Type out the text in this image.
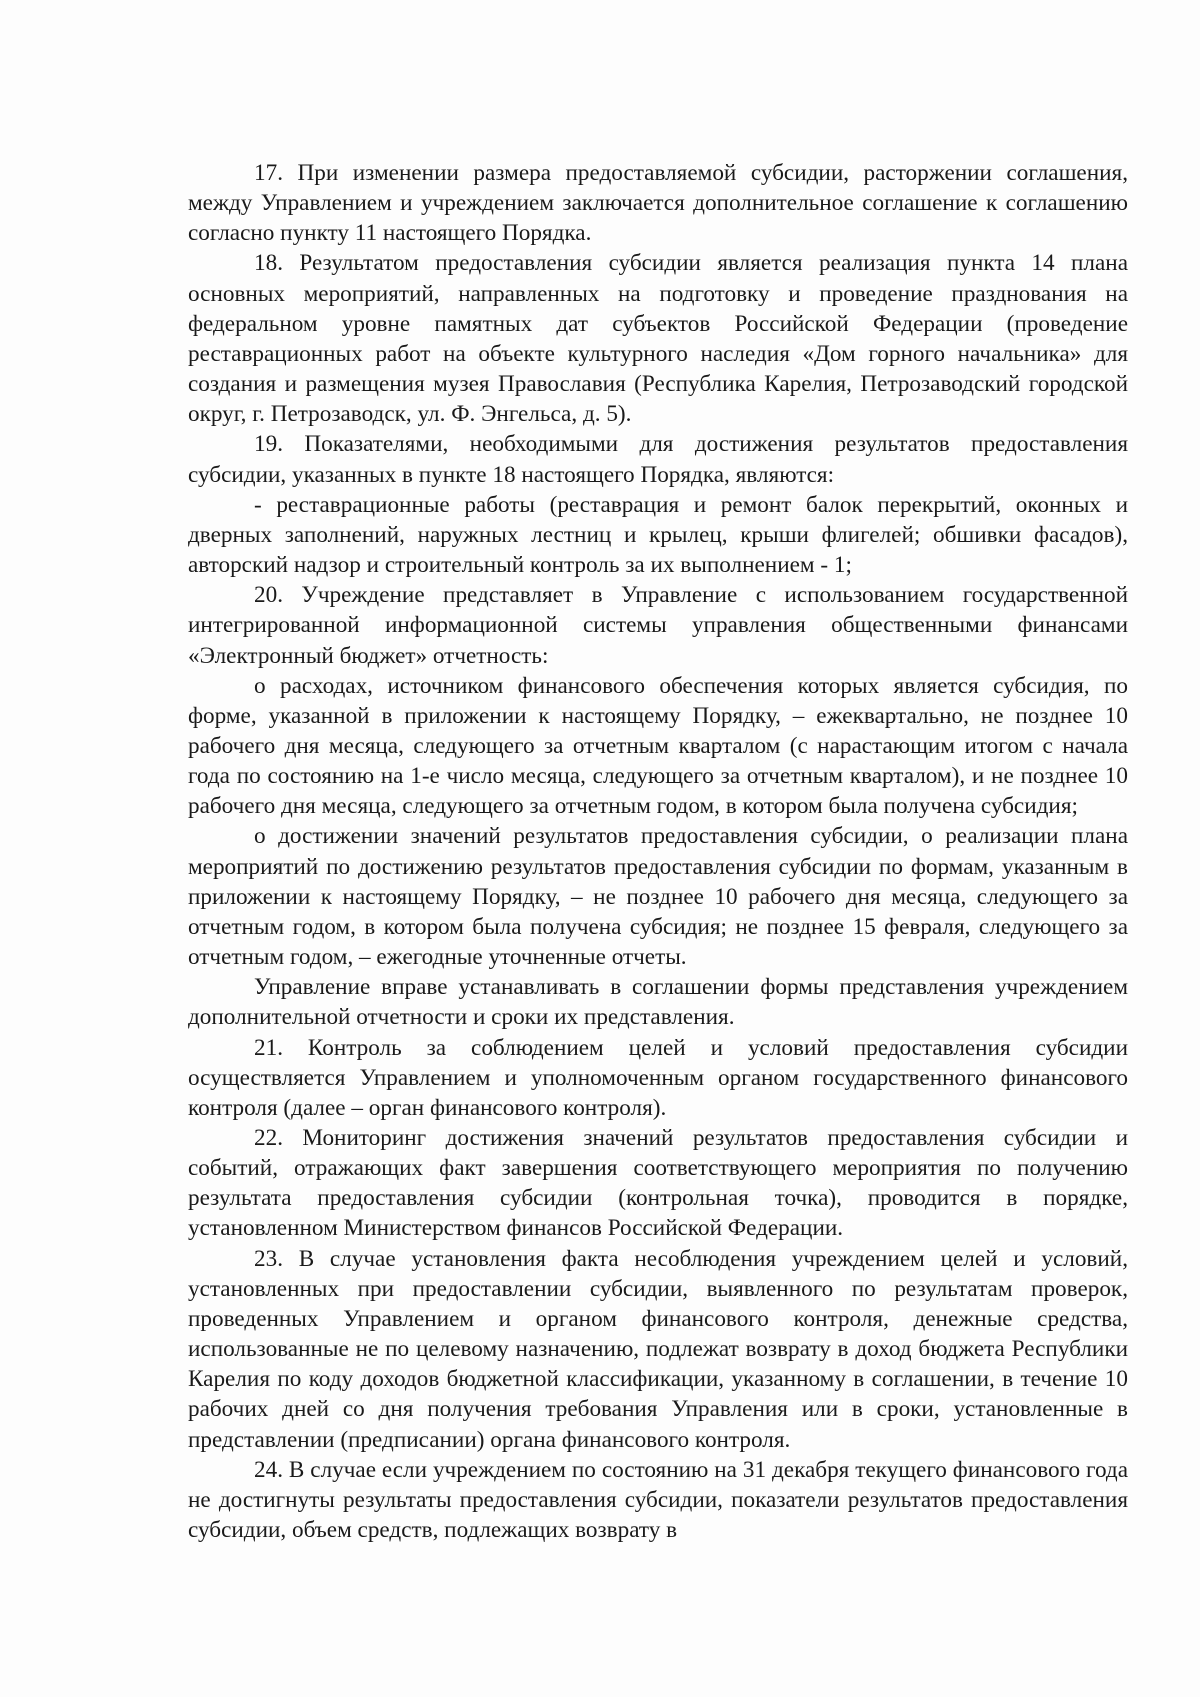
17. При изменении размера предоставляемой субсидии, расторжении соглашения, между Управлением и учреждением заключается дополнительное соглашение к соглашению согласно пункту 11 настоящего Порядка.

18. Результатом предоставления субсидии является реализация пункта 14 плана основных мероприятий, направленных на подготовку и проведение празднования на федеральном уровне памятных дат субъектов Российской Федерации (проведение реставрационных работ на объекте культурного наследия «Дом горного начальника» для создания и размещения музея Православия (Республика Карелия, Петрозаводский городской округ, г. Петрозаводск, ул. Ф. Энгельса, д. 5).

19. Показателями, необходимыми для достижения результатов предоставления субсидии, указанных в пункте 18 настоящего Порядка, являются:

- реставрационные работы (реставрация и ремонт балок перекрытий, оконных и дверных заполнений, наружных лестниц и крылец, крыши флигелей; обшивки фасадов), авторский надзор и строительный контроль за их выполнением - 1;

20. Учреждение представляет в Управление с использованием государственной интегрированной информационной системы управления общественными финансами «Электронный бюджет» отчетность:

о расходах, источником финансового обеспечения которых является субсидия, по форме, указанной в приложении к настоящему Порядку, – ежеквартально, не позднее 10 рабочего дня месяца, следующего за отчетным кварталом (с нарастающим итогом с начала года по состоянию на 1-е число месяца, следующего за отчетным кварталом), и не позднее 10 рабочего дня месяца, следующего за отчетным годом, в котором была получена субсидия;

о достижении значений результатов предоставления субсидии, о реализации плана мероприятий по достижению результатов предоставления субсидии по формам, указанным в приложении к настоящему Порядку, – не позднее 10 рабочего дня месяца, следующего за отчетным годом, в котором была получена субсидия; не позднее 15 февраля, следующего за отчетным годом, – ежегодные уточненные отчеты.

Управление вправе устанавливать в соглашении формы представления учреждением дополнительной отчетности и сроки их представления.

21. Контроль за соблюдением целей и условий предоставления субсидии осуществляется Управлением и уполномоченным органом государственного финансового контроля (далее – орган финансового контроля).

22. Мониторинг достижения значений результатов предоставления субсидии и событий, отражающих факт завершения соответствующего мероприятия по получению результата предоставления субсидии (контрольная точка), проводится в порядке, установленном Министерством финансов Российской Федерации.

23. В случае установления факта несоблюдения учреждением целей и условий, установленных при предоставлении субсидии, выявленного по результатам проверок, проведенных Управлением и органом финансового контроля, денежные средства, использованные не по целевому назначению, подлежат возврату в доход бюджета Республики Карелия по коду доходов бюджетной классификации, указанному в соглашении, в течение 10 рабочих дней со дня получения требования Управления или в сроки, установленные в представлении (предписании) органа финансового контроля.

24. В случае если учреждением по состоянию на 31 декабря текущего финансового года не достигнуты результаты предоставления субсидии, показатели результатов предоставления субсидии, объем средств, подлежащих возврату в
